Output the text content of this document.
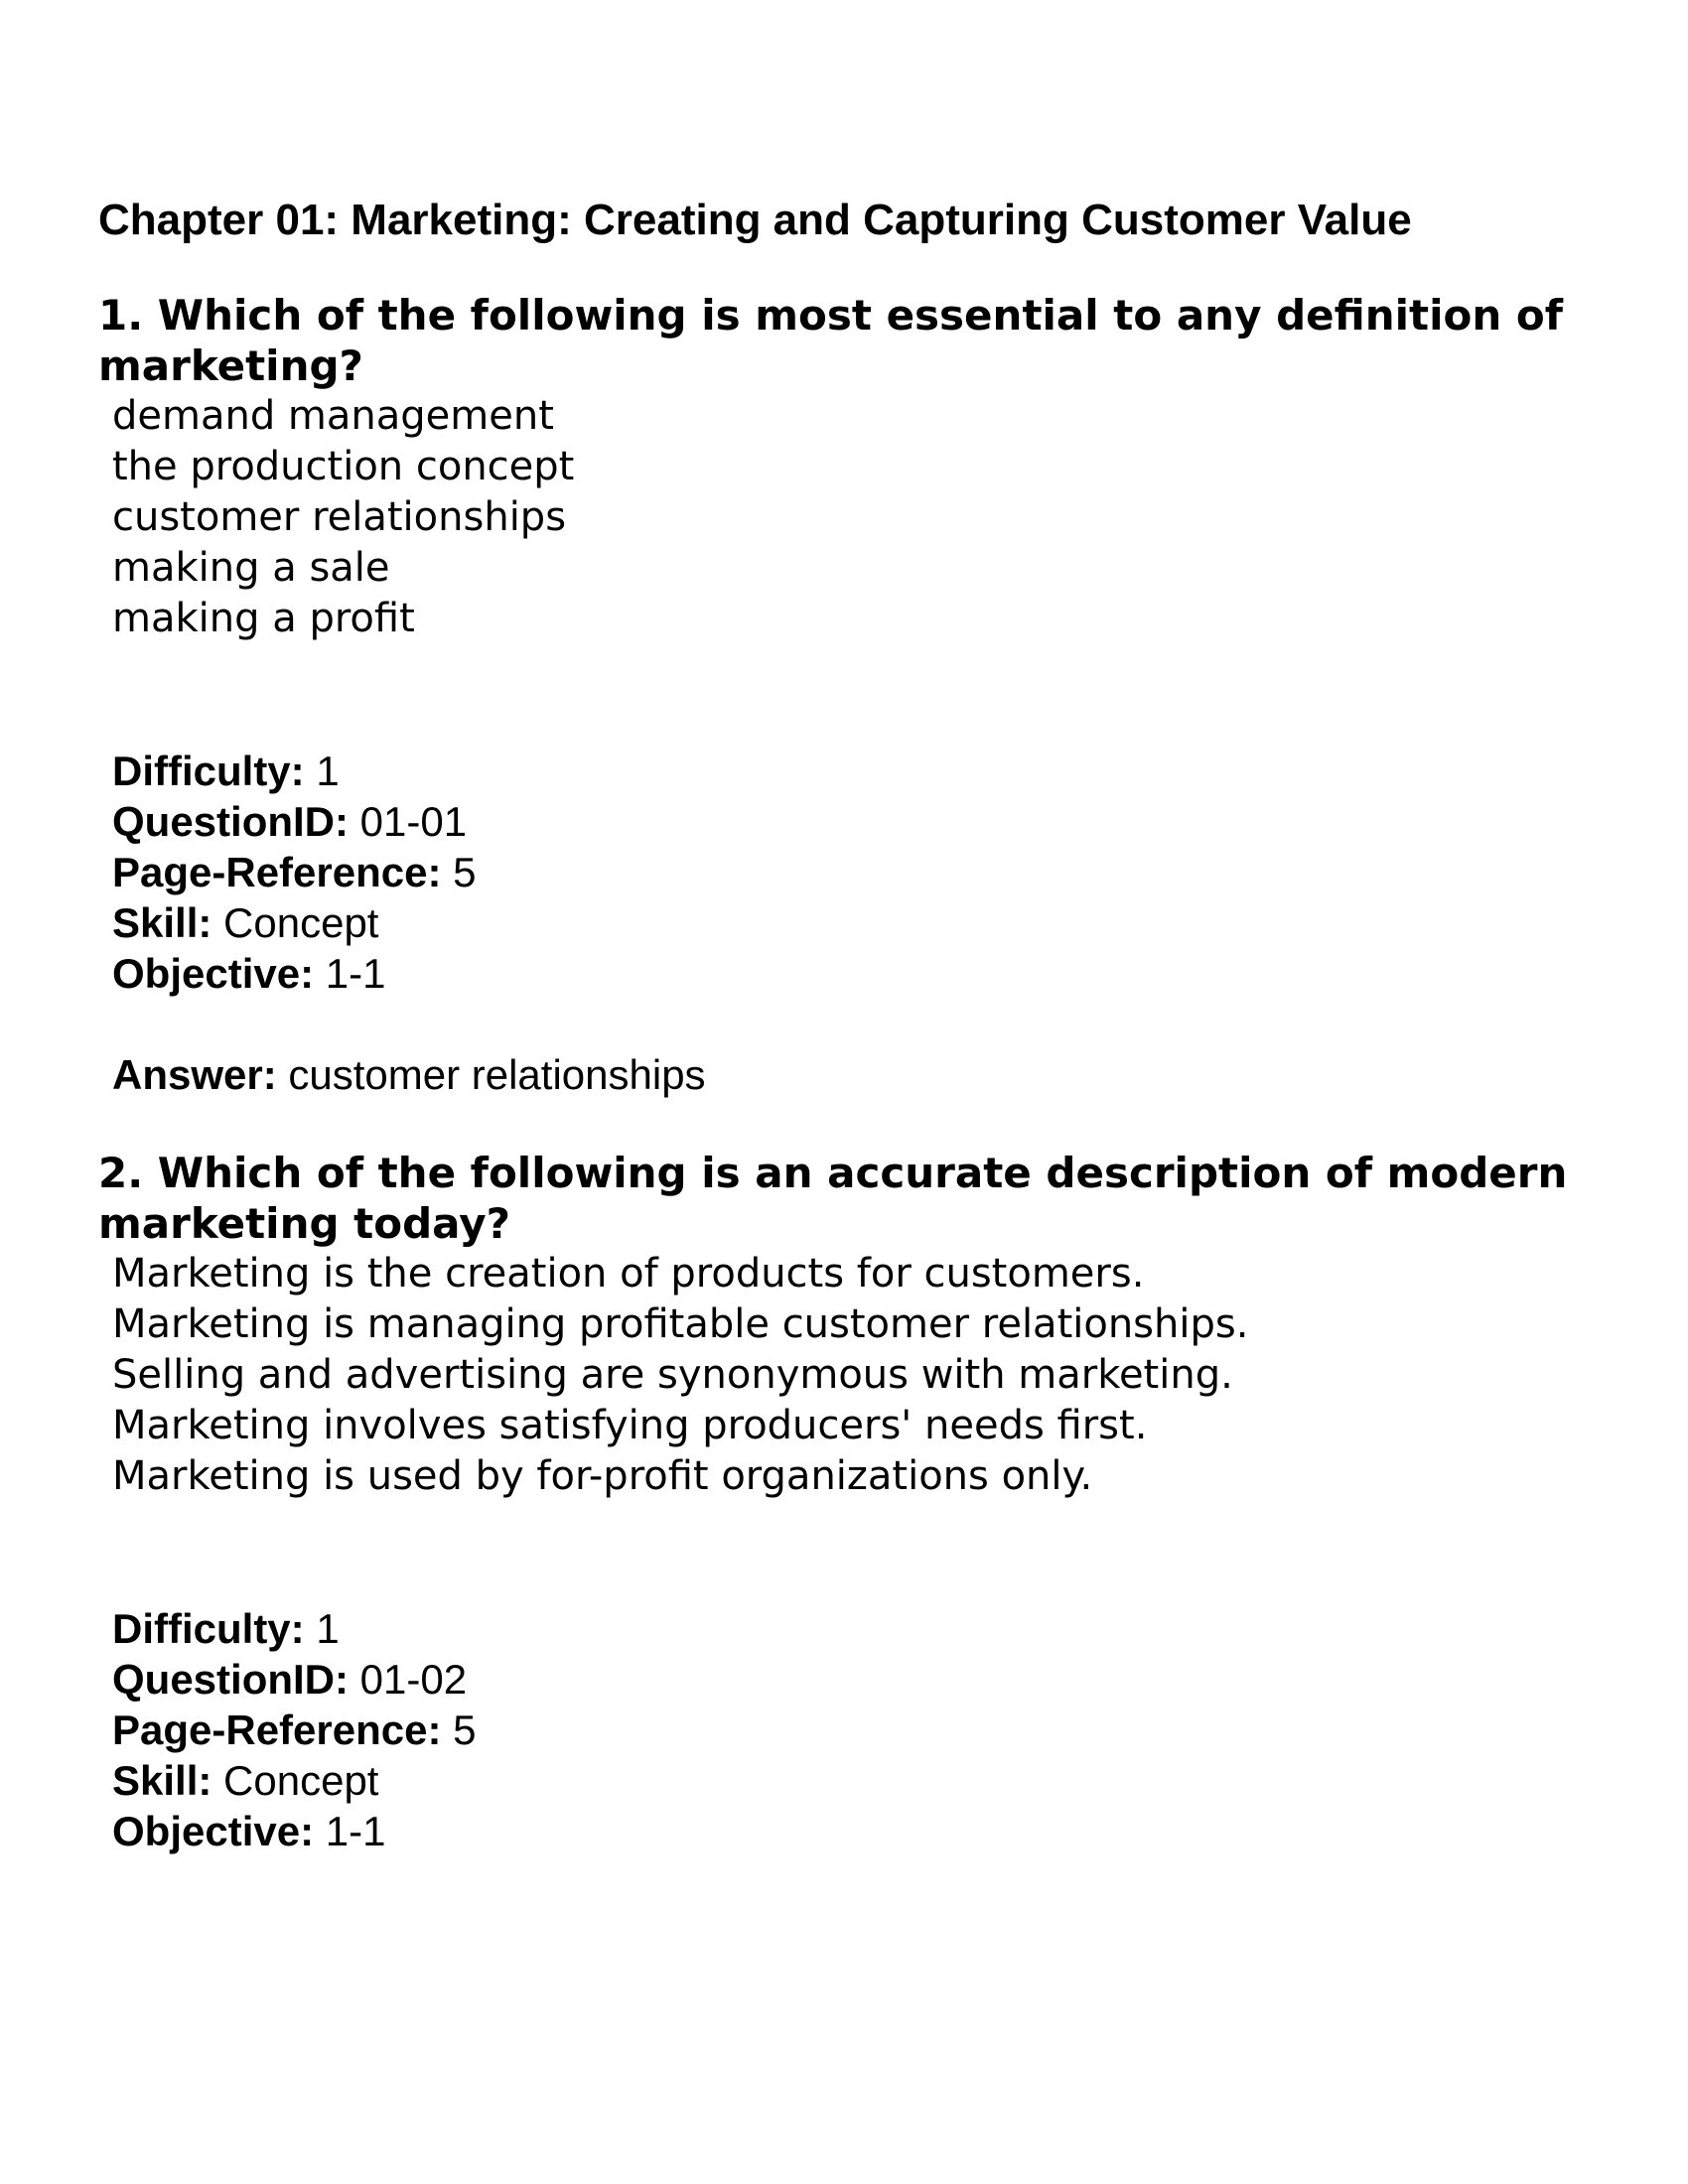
Chapter 01: Marketing: Creating and Capturing Customer Value

1. Which of the following is most essential to any definition of marketing?

demand management
the production concept
customer relationships
making a sale
making a profit
Difficulty: 1
QuestionID: 01-01
Page-Reference: 5
Skill: Concept
Objective: 1-1
Answer: customer relationships

2. Which of the following is an accurate description of modern marketing today?

Marketing is the creation of products for customers.
Marketing is managing profitable customer relationships.
Selling and advertising are synonymous with marketing.
Marketing involves satisfying producers' needs first.
Marketing is used by for-profit organizations only.
Difficulty: 1
QuestionID: 01-02
Page-Reference: 5
Skill: Concept
Objective: 1-1
